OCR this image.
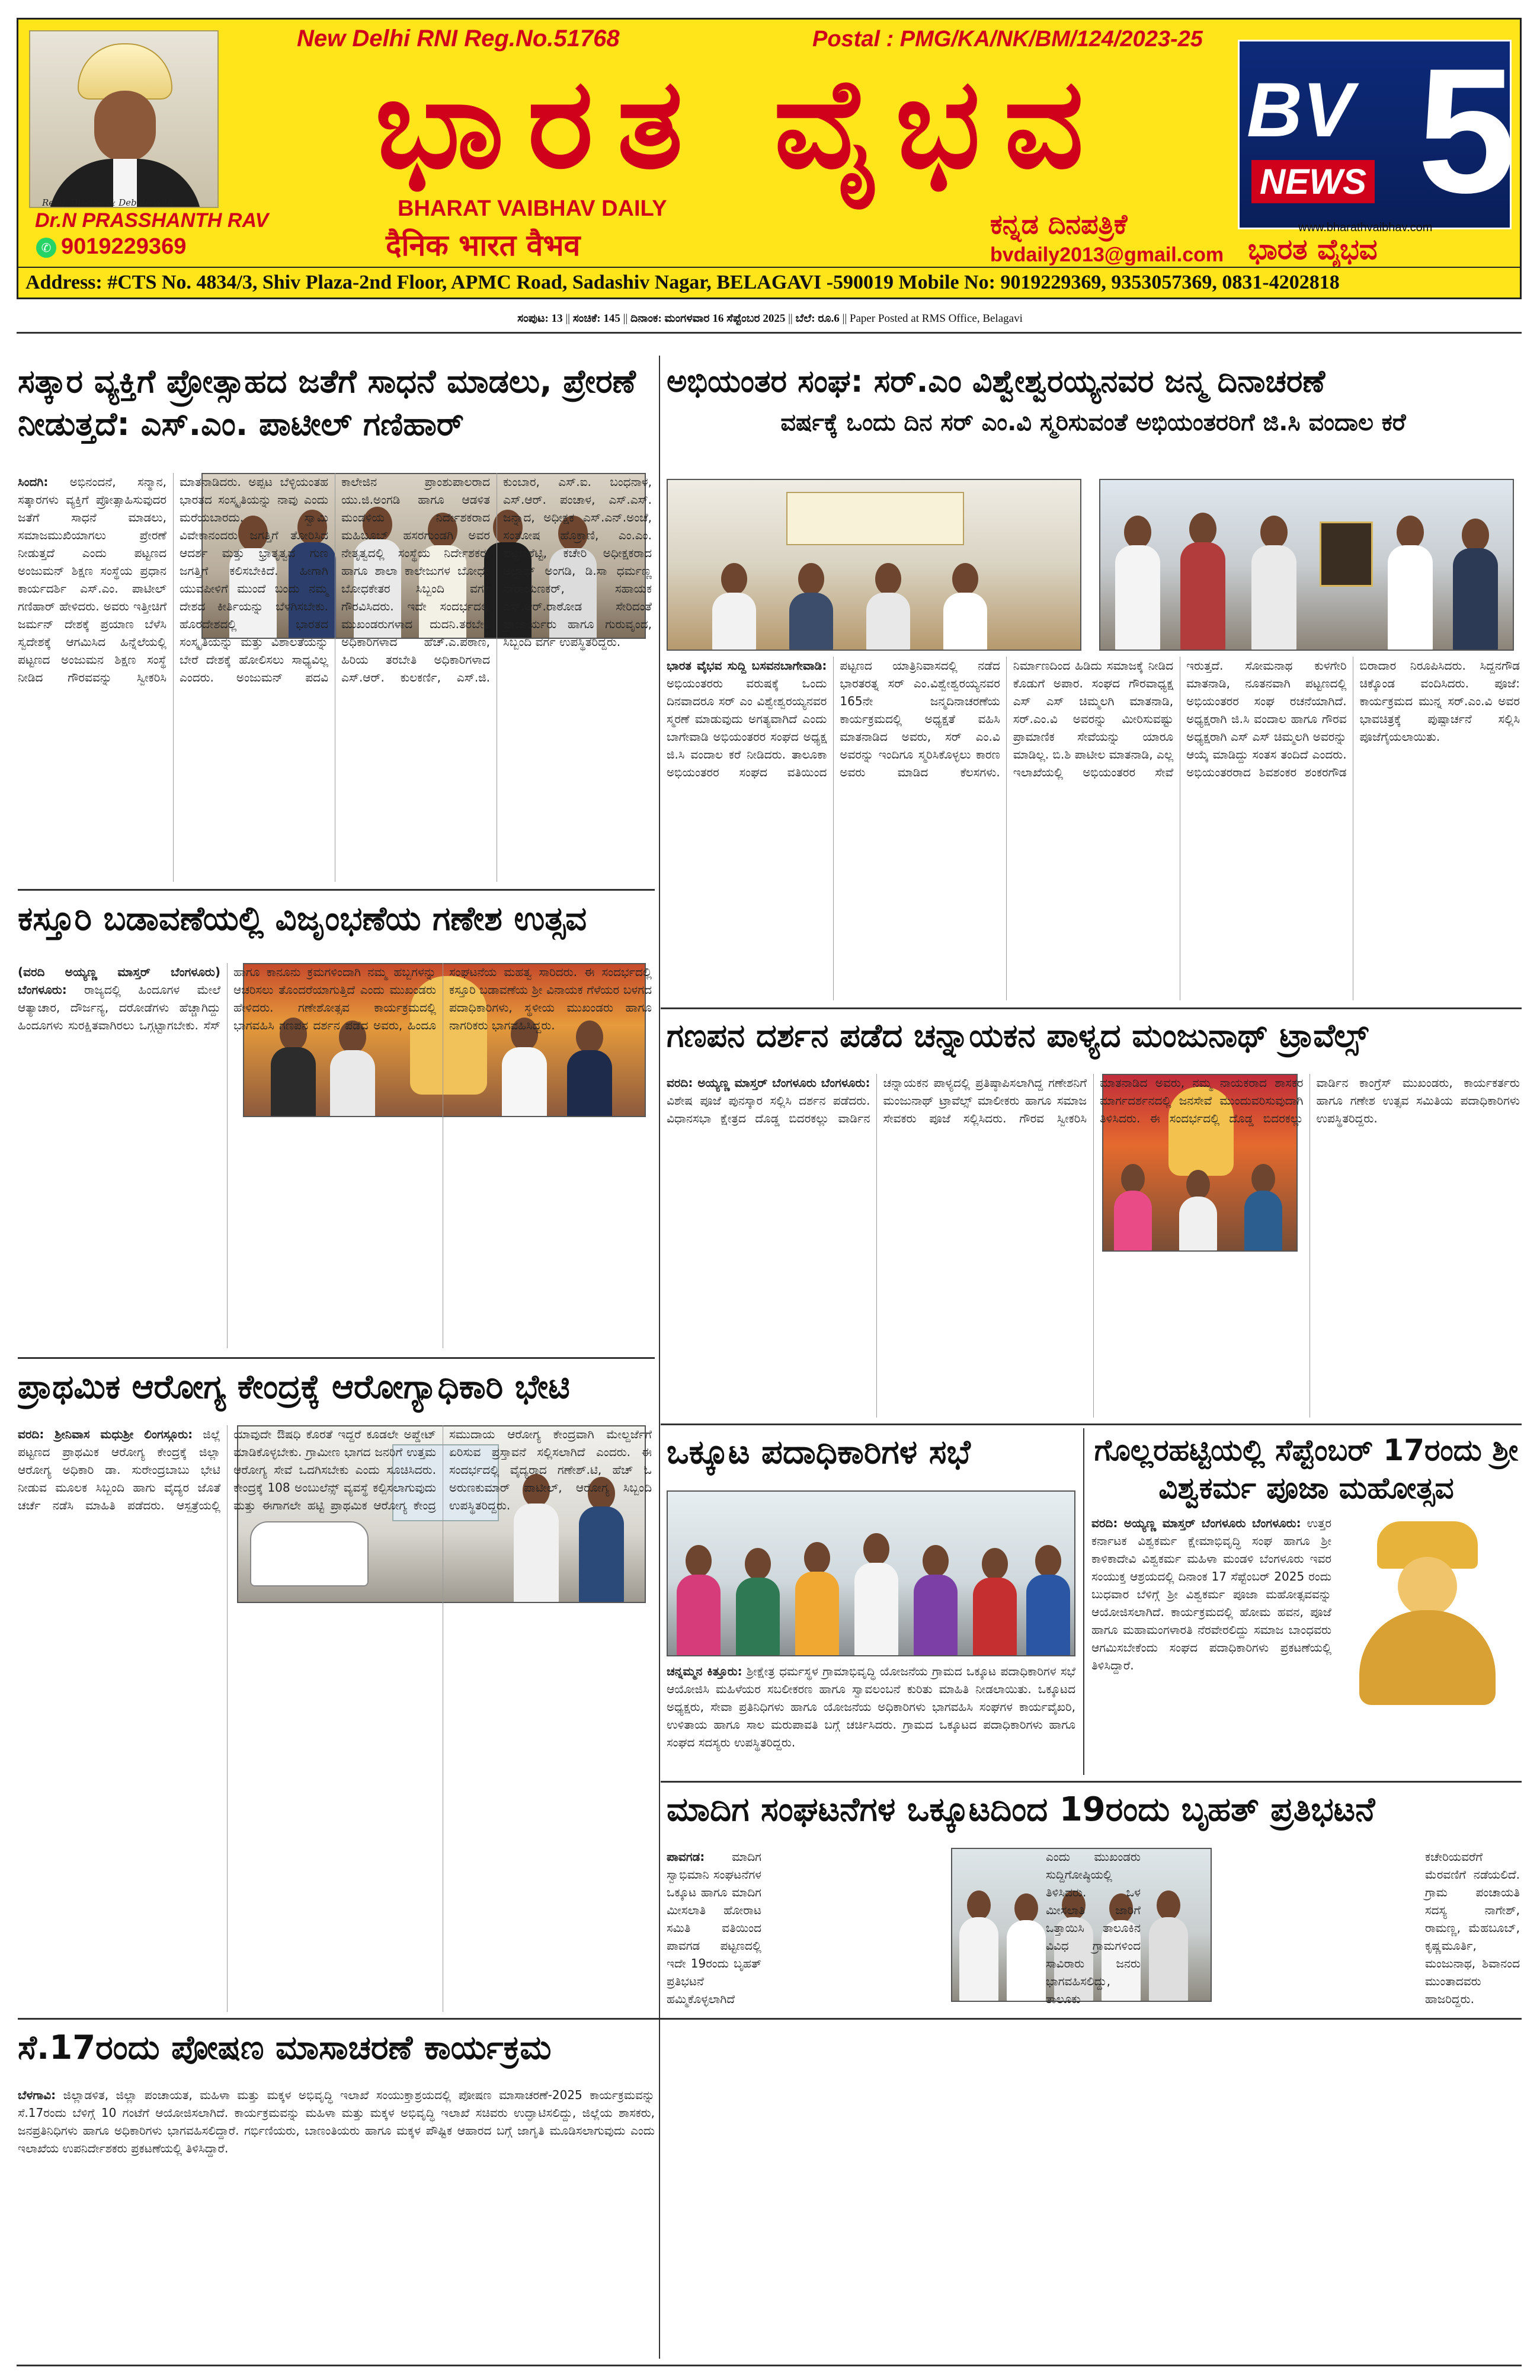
Read, Discuss & Debate with
Dr.N PRASSHANTH RAV
✆ 9019229369
New Delhi RNI Reg.No.51768	Postal : PMG/KA/NK/BM/124/2023-25
ಭಾರತ ವೈಭವ
BHARAT VAIBHAV DAILY
दैनिक भारत वैभव
ಕನ್ನಡ ದಿನಪತ್ರಿಕೆ
bvdaily2013@gmail.com
BV
NEWS 5
www.bharathvaibhav.com
ಭಾರತ ವೈಭವ
Address: #CTS No. 4834/3, Shiv Plaza-2nd Floor, APMC Road, Sadashiv Nagar, BELAGAVI -590019 Mobile No: 9019229369, 9353057369, 0831-4202818
ಸಂಪುಟ: 13 || ಸಂಚಿಕೆ: 145 || ದಿನಾಂಕ: ಮಂಗಳವಾರ 16 ಸೆಪ್ಟೆಂಬರ 2025 || ಬೆಲೆ: ರೂ.6 || Paper Posted at RMS Office, Belagavi
ಸತ್ಕಾರ ವ್ಯಕ್ತಿಗೆ ಪ್ರೋತ್ಸಾಹದ ಜತೆಗೆ ಸಾಧನೆ ಮಾಡಲು, ಪ್ರೇರಣೆ ನೀಡುತ್ತದೆ: ಎಸ್.ಎಂ. ಪಾಟೀಲ್ ಗಣಿಹಾರ್
ಸಿಂದಗಿ: ಅಭಿನಂದನೆ, ಸನ್ಮಾನ, ಸತ್ಕಾರಗಳು ವ್ಯಕ್ತಿಗೆ ಪ್ರೋತ್ಸಾಹಿಸುವುದರ ಜತೆಗೆ ಸಾಧನೆ ಮಾಡಲು, ಸಮಾಜಮುಖಿಯಾಗಲು ಪ್ರೇರಣೆ ನೀಡುತ್ತದೆ ಎಂದು ಪಟ್ಟಣದ ಅಂಜುಮನ್ ಶಿಕ್ಷಣ ಸಂಸ್ಥೆಯ ಪ್ರಧಾನ ಕಾರ್ಯದರ್ಶಿ ಎಸ್.ಎಂ. ಪಾಟೀಲ್ ಗಣಿಹಾರ್ ಹೇಳಿದರು. ಅವರು ಇತ್ತೀಚಿಗೆ ಜರ್ಮನ್ ದೇಶಕ್ಕೆ ಪ್ರಯಾಣ ಬೆಳೆಸಿ ಸ್ವದೇಶಕ್ಕೆ ಆಗಮಿಸಿದ ಹಿನ್ನೆಲೆಯಲ್ಲಿ ಪಟ್ಟಣದ ಅಂಜುಮನ ಶಿಕ್ಷಣ ಸಂಸ್ಥೆ ನೀಡಿದ ಗೌರವವನ್ನು ಸ್ವೀಕರಿಸಿ ಮಾತನಾಡಿದರು. ಅಪ್ಪಟ ಬೆಳ್ಳಿಯಂತಹ ಭಾರತದ ಸಂಸ್ಕೃತಿಯನ್ನು ನಾವು ಎಂದು ಮರೆಯಬಾರದು. ಸ್ವಾಮಿ ವಿವೇಕಾನಂದರು ಜಗತ್ತಿಗೆ ತೋರಿಸಿದ ಆದರ್ಶ ಮತ್ತು ಭ್ರಾತೃತ್ವದ ಗುಣ ಜಗತ್ತಿಗೆ ಕಲಿಸಬೇಕಿದೆ. ಹೀಗಾಗಿ ಯುವಪೀಳಿಗೆ ಮುಂದೆ ಬಂದು ನಮ್ಮ ದೇಶದ ಕೀರ್ತಿಯನ್ನು ಬೆಳಗಿಸಬೇಕು. ಹೊರದೇಶದಲ್ಲಿ ಭಾರತದ ಸಂಸ್ಕೃತಿಯನ್ನು ಮತ್ತು ವಿಶಾಲತೆಯನ್ನು ಬೇರೆ ದೇಶಕ್ಕೆ ಹೋಲಿಸಲು ಸಾಧ್ಯವಿಲ್ಲ ಎಂದರು. ಅಂಜುಮನ್ ಪದವಿ ಕಾಲೇಜಿನ ಪ್ರಾಂಶುಪಾಲರಾದ ಯು.ಜಿ.ಅಂಗಡಿ ಹಾಗೂ ಆಡಳಿತ ಮಂಡಳಿಯ ನಿರ್ದೇಶಕರಾದ ಮಹಿಬೂಬ್ ಹಸರಗುಂಡಗಿ ಅವರ ನೇತೃತ್ವದಲ್ಲಿ ಸಂಸ್ಥೆಯ ನಿರ್ದೇಶಕರು ಹಾಗೂ ಶಾಲಾ ಕಾಲೇಜುಗಳ ಬೋಧಕ ಬೋಧಕೇತರ ಸಿಬ್ಬಂದಿ ವರ್ಗ ಗೌರವಿಸಿದರು. ಇದೇ ಸಂದರ್ಭದಲ್ಲಿ ಮುಖಂಡರುಗಳಾದ ದುದನಿ.ತರಬೇತಿ ಅಧಿಕಾರಿಗಳಾದ ಹೆಚ್.ಎ.ಪಠಾಣ, ಹಿರಿಯ ತರಬೇತಿ ಅಧಿಕಾರಿಗಳಾದ ಎಸ್.ಆರ್. ಕುಲಕರ್ಣಿ, ಎಸ್.ಜಿ. ಕುಂಬಾರ, ಎಸ್.ಐ. ಬಂಧನಾಳ, ಎಸ್.ಆರ್. ಪಂಚಾಳ, ಎಸ್.ಎಸ್. ಜನ್ನಾದ, ಅಧೀಕ್ಷಕ ಎಸ್.ಎನ್.ಅಂಚೆ, ಸಂತೋಷ ಹೊಕ್ರಾಣಿ, ಎಂ.ಎಂ. ಪಟ್ಟಣಶೆಟ್ಟಿ, ಕಚೇರಿ ಅಧೀಕ್ಷಕರಾದ ಅಲ್ತಾಫ್ ಅಂಗಡಿ, ಡಿ.ಸಾ ಧರ್ಮಣ್ಣ ನಾರಾಯಣಕರ್, ಸಹಾಯಕ ಎಸ್.ಆರ್.ರಾಠೋಡ ಸೇರಿದಂತೆ ಪ್ರಾಚಾರ್ಯರು ಹಾಗೂ ಗುರುವೃಂದ, ಸಿಬ್ಬಂದಿ ವರ್ಗ ಉಪಸ್ಥಿತರಿದ್ದರು.
ಕಸ್ತೂರಿ ಬಡಾವಣೆಯಲ್ಲಿ ವಿಜೃಂಭಣೆಯ ಗಣೇಶ ಉತ್ಸವ
(ವರದಿ ಅಯ್ಯಣ್ಣ ಮಾಸ್ತರ್ ಬೆಂಗಳೂರು) ಬೆಂಗಳೂರು: ರಾಜ್ಯದಲ್ಲಿ ಹಿಂದೂಗಳ ಮೇಲೆ ಆತ್ಯಾಚಾರ, ದೌರ್ಜನ್ಯ, ದರೋಡೆಗಳು ಹೆಚ್ಚಾಗಿದ್ದು ಹಿಂದೂಗಳು ಸುರಕ್ಷಿತವಾಗಿರಲು ಒಗ್ಗಟ್ಟಾಗಬೇಕು. ಸೆಸ್ ಹಾಗೂ ಕಾನೂನು ಕ್ರಮಗಳಿಂದಾಗಿ ನಮ್ಮ ಹಬ್ಬಗಳನ್ನು ಆಚರಿಸಲು ತೊಂದರೆಯಾಗುತ್ತಿದೆ ಎಂದು ಮುಖಂಡರು ಹೇಳಿದರು. ಗಣೇಶೋತ್ಸವ ಕಾರ್ಯಕ್ರಮದಲ್ಲಿ ಭಾಗವಹಿಸಿ ಗಣಪನ ದರ್ಶನ ಪಡೆದ ಅವರು, ಹಿಂದೂ ಸಂಘಟನೆಯ ಮಹತ್ವ ಸಾರಿದರು. ಈ ಸಂದರ್ಭದಲ್ಲಿ ಕಸ್ತೂರಿ ಬಡಾವಣೆಯ ಶ್ರೀ ವಿನಾಯಕ ಗೆಳೆಯರ ಬಳಗದ ಪದಾಧಿಕಾರಿಗಳು, ಸ್ಥಳೀಯ ಮುಖಂಡರು ಹಾಗೂ ನಾಗರಿಕರು ಭಾಗವಹಿಸಿದ್ದರು.
ಪ್ರಾಥಮಿಕ ಆರೋಗ್ಯ ಕೇಂದ್ರಕ್ಕೆ ಆರೋಗ್ಯಾಧಿಕಾರಿ ಭೇಟಿ
ವರದಿ: ಶ್ರೀನಿವಾಸ ಮಧುಶ್ರೀ ಲಿಂಗಸ್ಗೂರು: ಜಿಲ್ಲೆ ಪಟ್ಟಣದ ಪ್ರಾಥಮಿಕ ಆರೋಗ್ಯ ಕೇಂದ್ರಕ್ಕೆ ಜಿಲ್ಲಾ ಆರೋಗ್ಯ ಅಧಿಕಾರಿ ಡಾ. ಸುರೇಂದ್ರಬಾಬು ಭೇಟಿ ನೀಡುವ ಮೂಲಕ ಸಿಬ್ಬಂದಿ ಹಾಗು ವೈದ್ಯರ ಜೊತೆ ಚರ್ಚೆ ನಡೆಸಿ ಮಾಹಿತಿ ಪಡೆದರು. ಆಸ್ಪತ್ರೆಯಲ್ಲಿ ಯಾವುದೇ ಔಷಧಿ ಕೊರತೆ ಇದ್ದರೆ ಕೂಡಲೇ ಅಪ್ಡೇಟ್ ಮಾಡಿಕೊಳ್ಳಬೇಕು. ಗ್ರಾಮೀಣ ಭಾಗದ ಜನರಿಗೆ ಉತ್ತಮ ಆರೋಗ್ಯ ಸೇವೆ ಒದಗಿಸಬೇಕು ಎಂದು ಸೂಚಿಸಿದರು. ಕೇಂದ್ರಕ್ಕೆ 108 ಅಂಬುಲೆನ್ಸ್ ವ್ಯವಸ್ಥೆ ಕಲ್ಪಿಸಲಾಗುವುದು ಮತ್ತು ಈಗಾಗಲೇ ಹಟ್ಟಿ ಪ್ರಾಥಮಿಕ ಆರೋಗ್ಯ ಕೇಂದ್ರ ಸಮುದಾಯ ಆರೋಗ್ಯ ಕೇಂದ್ರವಾಗಿ ಮೇಲ್ದರ್ಜೆಗೆ ಏರಿಸುವ ಪ್ರಸ್ತಾವನೆ ಸಲ್ಲಿಸಲಾಗಿದೆ ಎಂದರು. ಈ ಸಂದರ್ಭದಲ್ಲಿ ವೈದ್ಯರಾದ ಗಣೇಶ್.ಟಿ, ಹೆಚ್ ಓ ಅರುಣಕುಮಾರ್ ಪಾಟೀಲ್, ಆರೋಗ್ಯ ಸಿಬ್ಬಂದಿ ಉಪಸ್ಥಿತರಿದ್ದರು.
ಅಭಿಯಂತರ ಸಂಘ: ಸರ್.ಎಂ ವಿಶ್ವೇಶ್ವರಯ್ಯನವರ ಜನ್ಮ ದಿನಾಚರಣೆ
ವರ್ಷಕ್ಕೆ ಒಂದು ದಿನ ಸರ್ ಎಂ.ವಿ ಸ್ಮರಿಸುವಂತೆ ಅಭಿಯಂತರರಿಗೆ ಜಿ.ಸಿ ವಂದಾಲ ಕರೆ
ಭಾರತ ವೈಭವ ಸುದ್ದಿ ಬಸವನಬಾಗೇವಾಡಿ: ಅಭಿಯಂತರರು ವರುಷಕ್ಕೆ ಒಂದು ದಿನವಾದರೂ ಸರ್ ಎಂ ವಿಶ್ವೇಶ್ವರಯ್ಯನವರ ಸ್ಮರಣೆ ಮಾಡುವುದು ಅಗತ್ಯವಾಗಿದೆ ಎಂದು ಬಾಗೇವಾಡಿ ಅಭಿಯಂತರರ ಸಂಘದ ಅಧ್ಯಕ್ಷ ಜಿ.ಸಿ ವಂದಾಲ ಕರೆ ನೀಡಿದರು. ತಾಲೂಕಾ ಅಭಿಯಂತರರ ಸಂಘದ ವತಿಯಿಂದ ಪಟ್ಟಣದ ಯಾತ್ರಿನಿವಾಸದಲ್ಲಿ ನಡೆದ ಭಾರತರತ್ನ ಸರ್ ಎಂ.ವಿಶ್ವೇಶ್ವರಯ್ಯನವರ 165ನೇ ಜನ್ಮದಿನಾಚರಣೆಯ ಕಾರ್ಯಕ್ರಮದಲ್ಲಿ ಅಧ್ಯಕ್ಷತೆ ವಹಿಸಿ ಮಾತನಾಡಿದ ಅವರು, ಸರ್ ಎಂ.ವಿ ಅವರನ್ನು ಇಂದಿಗೂ ಸ್ಮರಿಸಿಕೊಳ್ಳಲು ಕಾರಣ ಅವರು ಮಾಡಿದ ಕೆಲಸಗಳು. ನಿರ್ಮಾಣದಿಂದ ಹಿಡಿದು ಸಮಾಜಕ್ಕೆ ನೀಡಿದ ಕೊಡುಗೆ ಅಪಾರ. ಸಂಘದ ಗೌರವಾಧ್ಯಕ್ಷ ಎಸ್ ಎಸ್ ಚಿಮ್ಮಲಗಿ ಮಾತನಾಡಿ, ಸರ್.ಎಂ.ವಿ ಅವರನ್ನು ಮೀರಿಸುವಷ್ಟು ಪ್ರಾಮಾಣಿಕ ಸೇವೆಯನ್ನು ಯಾರೂ ಮಾಡಿಲ್ಲ. ಬಿ.ಶಿ ಪಾಟೀಲ ಮಾತನಾಡಿ, ಎಲ್ಲ ಇಲಾಖೆಯಲ್ಲಿ ಅಭಿಯಂತರರ ಸೇವೆ ಇರುತ್ತದೆ. ಸೋಮನಾಥ ಕುಳಗೇರಿ ಮಾತನಾಡಿ, ನೂತನವಾಗಿ ಪಟ್ಟಣದಲ್ಲಿ ಅಭಿಯಂತರರ ಸಂಘ ರಚನೆಯಾಗಿದೆ. ಅಧ್ಯಕ್ಷರಾಗಿ ಜಿ.ಸಿ ವಂದಾಲ ಹಾಗೂ ಗೌರವ ಅಧ್ಯಕ್ಷರಾಗಿ ಎಸ್ ಎಸ್ ಚಿಮ್ಮಲಗಿ ಅವರನ್ನು ಆಯ್ಕೆ ಮಾಡಿದ್ದು ಸಂತಸ ತಂದಿದೆ ಎಂದರು. ಅಭಿಯಂತರರಾದ ಶಿವಶಂಕರ ಶಂಕರಗೌಡ ಬಿರಾದಾರ ನಿರೂಪಿಸಿದರು. ಸಿದ್ದನಗೌಡ ಚಿಕ್ಕೊಂಡ ವಂದಿಸಿದರು. ಪೂಜೆ: ಕಾರ್ಯಕ್ರಮದ ಮುನ್ನ ಸರ್.ಎಂ.ವಿ ಅವರ ಭಾವಚಿತ್ರಕ್ಕೆ ಪುಷ್ಪಾರ್ಚನೆ ಸಲ್ಲಿಸಿ ಪೂಜೆಗೈಯಲಾಯಿತು.
ಗಣಪನ ದರ್ಶನ ಪಡೆದ ಚನ್ನಾಯಕನ ಪಾಳ್ಯದ ಮಂಜುನಾಥ್ ಟ್ರಾವೆಲ್ಸ್
ವರದಿ: ಅಯ್ಯಣ್ಣ ಮಾಸ್ತರ್ ಬೆಂಗಳೂರು ಬೆಂಗಳೂರು: ವಿಶೇಷ ಪೂಜೆ ಪುನಸ್ಕಾರ ಸಲ್ಲಿಸಿ ದರ್ಶನ ಪಡೆದರು. ವಿಧಾನಸಭಾ ಕ್ಷೇತ್ರದ ದೊಡ್ಡ ಬಿದರಕಲ್ಲು ವಾರ್ಡಿನ ಚನ್ನಾಯಕನ ಪಾಳ್ಯದಲ್ಲಿ ಪ್ರತಿಷ್ಠಾಪಿಸಲಾಗಿದ್ದ ಗಣೇಶನಿಗೆ ಮಂಜುನಾಥ್ ಟ್ರಾವೆಲ್ಸ್ ಮಾಲೀಕರು ಹಾಗೂ ಸಮಾಜ ಸೇವಕರು ಪೂಜೆ ಸಲ್ಲಿಸಿದರು. ಗೌರವ ಸ್ವೀಕರಿಸಿ ಮಾತನಾಡಿದ ಅವರು, ನಮ್ಮ ನಾಯಕರಾದ ಶಾಸಕರ ಮಾರ್ಗದರ್ಶನದಲ್ಲಿ ಜನಸೇವೆ ಮುಂದುವರಿಸುವುದಾಗಿ ತಿಳಿಸಿದರು. ಈ ಸಂದರ್ಭದಲ್ಲಿ ದೊಡ್ಡ ಬಿದರಕಲ್ಲು ವಾರ್ಡಿನ ಕಾಂಗ್ರೆಸ್ ಮುಖಂಡರು, ಕಾರ್ಯಕರ್ತರು ಹಾಗೂ ಗಣೇಶ ಉತ್ಸವ ಸಮಿತಿಯ ಪದಾಧಿಕಾರಿಗಳು ಉಪಸ್ಥಿತರಿದ್ದರು.
ಒಕ್ಕೂಟ ಪದಾಧಿಕಾರಿಗಳ ಸಭೆ
ಚನ್ನಮ್ಮನ ಕಿತ್ತೂರು: ಶ್ರೀಕ್ಷೇತ್ರ ಧರ್ಮಸ್ಥಳ ಗ್ರಾಮಾಭಿವೃದ್ಧಿ ಯೋಜನೆಯ ಗ್ರಾಮದ ಒಕ್ಕೂಟ ಪದಾಧಿಕಾರಿಗಳ ಸಭೆ ಆಯೋಜಿಸಿ ಮಹಿಳೆಯರ ಸಬಲೀಕರಣ ಹಾಗೂ ಸ್ವಾವಲಂಬನೆ ಕುರಿತು ಮಾಹಿತಿ ನೀಡಲಾಯಿತು. ಒಕ್ಕೂಟದ ಅಧ್ಯಕ್ಷರು, ಸೇವಾ ಪ್ರತಿನಿಧಿಗಳು ಹಾಗೂ ಯೋಜನೆಯ ಅಧಿಕಾರಿಗಳು ಭಾಗವಹಿಸಿ ಸಂಘಗಳ ಕಾರ್ಯವೈಖರಿ, ಉಳಿತಾಯ ಹಾಗೂ ಸಾಲ ಮರುಪಾವತಿ ಬಗ್ಗೆ ಚರ್ಚಿಸಿದರು. ಗ್ರಾಮದ ಒಕ್ಕೂಟದ ಪದಾಧಿಕಾರಿಗಳು ಹಾಗೂ ಸಂಘದ ಸದಸ್ಯರು ಉಪಸ್ಥಿತರಿದ್ದರು.
ಗೊಲ್ಲರಹಟ್ಟಿಯಲ್ಲಿ ಸೆಪ್ಟೆಂಬರ್ 17ರಂದು ಶ್ರೀ ವಿಶ್ವಕರ್ಮ ಪೂಜಾ ಮಹೋತ್ಸವ
ವರದಿ: ಅಯ್ಯಣ್ಣ ಮಾಸ್ತರ್ ಬೆಂಗಳೂರು ಬೆಂಗಳೂರು: ಉತ್ತರ ಕರ್ನಾಟಕ ವಿಶ್ವಕರ್ಮ ಕ್ಷೇಮಾಭಿವೃದ್ಧಿ ಸಂಘ ಹಾಗೂ ಶ್ರೀ ಕಾಳಿಕಾದೇವಿ ವಿಶ್ವಕರ್ಮ ಮಹಿಳಾ ಮಂಡಳಿ ಬೆಂಗಳೂರು ಇವರ ಸಂಯುಕ್ತ ಆಶ್ರಯದಲ್ಲಿ ದಿನಾಂಕ 17 ಸೆಪ್ಟೆಂಬರ್ 2025 ರಂದು ಬುಧವಾರ ಬೆಳಿಗ್ಗೆ ಶ್ರೀ ವಿಶ್ವಕರ್ಮ ಪೂಜಾ ಮಹೋತ್ಸವವನ್ನು ಆಯೋಜಿಸಲಾಗಿದೆ. ಕಾರ್ಯಕ್ರಮದಲ್ಲಿ ಹೋಮ ಹವನ, ಪೂಜೆ ಹಾಗೂ ಮಹಾಮಂಗಳಾರತಿ ನೆರವೇರಲಿದ್ದು ಸಮಾಜ ಬಾಂಧವರು ಆಗಮಿಸಬೇಕೆಂದು ಸಂಘದ ಪದಾಧಿಕಾರಿಗಳು ಪ್ರಕಟಣೆಯಲ್ಲಿ ತಿಳಿಸಿದ್ದಾರೆ.
ಮಾದಿಗ ಸಂಘಟನೆಗಳ ಒಕ್ಕೂಟದಿಂದ 19ರಂದು ಬೃಹತ್ ಪ್ರತಿಭಟನೆ
ಪಾವಗಡ: ಮಾದಿಗ ಸ್ವಾಭಿಮಾನಿ ಸಂಘಟನೆಗಳ ಒಕ್ಕೂಟ ಹಾಗೂ ಮಾದಿಗ ಮೀಸಲಾತಿ ಹೋರಾಟ ಸಮಿತಿ ವತಿಯಿಂದ ಪಾವಗಡ ಪಟ್ಟಣದಲ್ಲಿ ಇದೇ 19ರಂದು ಬೃಹತ್ ಪ್ರತಿಭಟನೆ ಹಮ್ಮಿಕೊಳ್ಳಲಾಗಿದೆ ಎಂದು ಮುಖಂಡರು ಸುದ್ದಿಗೋಷ್ಠಿಯಲ್ಲಿ ತಿಳಿಸಿದರು. ಒಳ ಮೀಸಲಾತಿ ಜಾರಿಗೆ ಒತ್ತಾಯಿಸಿ ತಾಲೂಕಿನ ವಿವಿಧ ಗ್ರಾಮಗಳಿಂದ ಸಾವಿರಾರು ಜನರು ಭಾಗವಹಿಸಲಿದ್ದು, ತಾಲೂಕು ಕಚೇರಿಯವರೆಗೆ ಮೆರವಣಿಗೆ ನಡೆಯಲಿದೆ. ಗ್ರಾಮ ಪಂಚಾಯತಿ ಸದಸ್ಯ ನಾಗೇಶ್, ರಾಮಣ್ಣ, ಮೆಹಬೂಬ್, ಕೃಷ್ಣಮೂರ್ತಿ, ಮಂಜುನಾಥ, ಶಿವಾನಂದ ಮುಂತಾದವರು ಹಾಜರಿದ್ದರು.
ಸೆ.17ರಂದು ಪೋಷಣ ಮಾಸಾಚರಣೆ ಕಾರ್ಯಕ್ರಮ
ಬೆಳಗಾವಿ: ಜಿಲ್ಲಾಡಳಿತ, ಜಿಲ್ಲಾ ಪಂಚಾಯತ, ಮಹಿಳಾ ಮತ್ತು ಮಕ್ಕಳ ಅಭಿವೃದ್ಧಿ ಇಲಾಖೆ ಸಂಯುಕ್ತಾಶ್ರಯದಲ್ಲಿ ಪೋಷಣ ಮಾಸಾಚರಣೆ-2025 ಕಾರ್ಯಕ್ರಮವನ್ನು ಸೆ.17ರಂದು ಬೆಳಿಗ್ಗೆ 10 ಗಂಟೆಗೆ ಆಯೋಜಿಸಲಾಗಿದೆ. ಕಾರ್ಯಕ್ರಮವನ್ನು ಮಹಿಳಾ ಮತ್ತು ಮಕ್ಕಳ ಅಭಿವೃದ್ಧಿ ಇಲಾಖೆ ಸಚಿವರು ಉದ್ಘಾಟಿಸಲಿದ್ದು, ಜಿಲ್ಲೆಯ ಶಾಸಕರು, ಜನಪ್ರತಿನಿಧಿಗಳು ಹಾಗೂ ಅಧಿಕಾರಿಗಳು ಭಾಗವಹಿಸಲಿದ್ದಾರೆ. ಗರ್ಭಿಣಿಯರು, ಬಾಣಂತಿಯರು ಹಾಗೂ ಮಕ್ಕಳ ಪೌಷ್ಟಿಕ ಆಹಾರದ ಬಗ್ಗೆ ಜಾಗೃತಿ ಮೂಡಿಸಲಾಗುವುದು ಎಂದು ಇಲಾಖೆಯ ಉಪನಿರ್ದೇಶಕರು ಪ್ರಕಟಣೆಯಲ್ಲಿ ತಿಳಿಸಿದ್ದಾರೆ.
